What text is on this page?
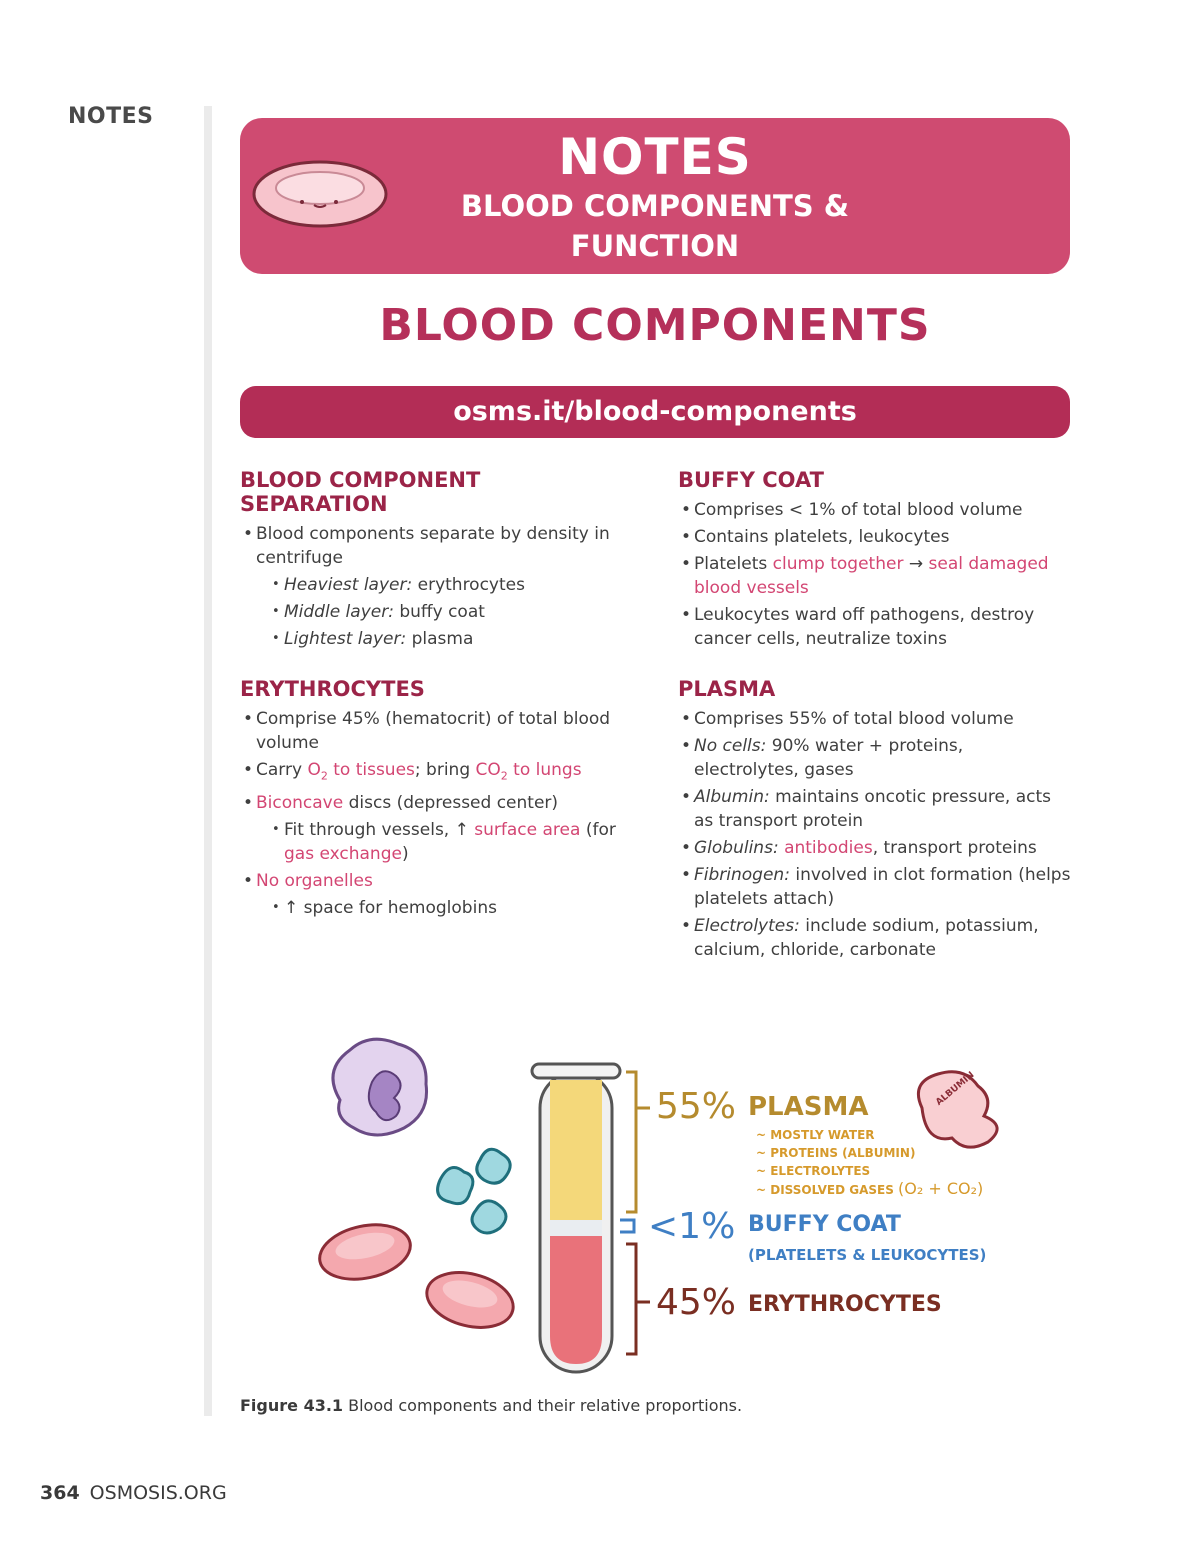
NOTES
NOTES
BLOOD COMPONENTS &
FUNCTION
BLOOD COMPONENTS
osms.it/blood-components
BLOOD COMPONENT SEPARATION
• Blood components separate by density in
centrifuge
• Heaviest layer: erythrocytes
• Middle layer: buffy coat
• Lightest layer: plasma
ERYTHROCYTES
• Comprise 45% (hematocrit) of total blood
volume
• Carry $O_2$ to tissues; bring $CO_2$ to lungs
• Biconcave discs (depressed center)
• Fit through vessels, ↑ surface area (for
gas exchange)
• No organelles
• ↑ space for hemoglobins
BUFFY COAT
• Comprises < 1% of total blood volume
• Contains platelets, leukocytes
• Platelets clump together → seal damaged
blood vessels
• Leukocytes ward off pathogens, destroy
cancer cells, neutralize toxins
PLASMA
• Comprises 55% of total blood volume
• No cells: 90% water + proteins,
electrolytes, gases
• Albumin: maintains oncotic pressure, acts
as transport protein
• Globulins: antibodies, transport proteins
• Fibrinogen: involved in clot formation (helps
platelets attach)
• Electrolytes: include sodium, potassium,
calcium, chloride, carbonate
55% PLASMA
~ MOSTLY WATER
~ PROTEINS (ALBUMIN)
~ ELECTROLYTES
~ DISSOLVED GASES (O₂ + CO₂)
ALBUMIN
<1% BUFFY COAT
(PLATELETS & LEUKOCYTES)
45% ERYTHROCYTES
Figure 43.1 Blood components and their relative proportions.
364 OSMOSIS.ORG
